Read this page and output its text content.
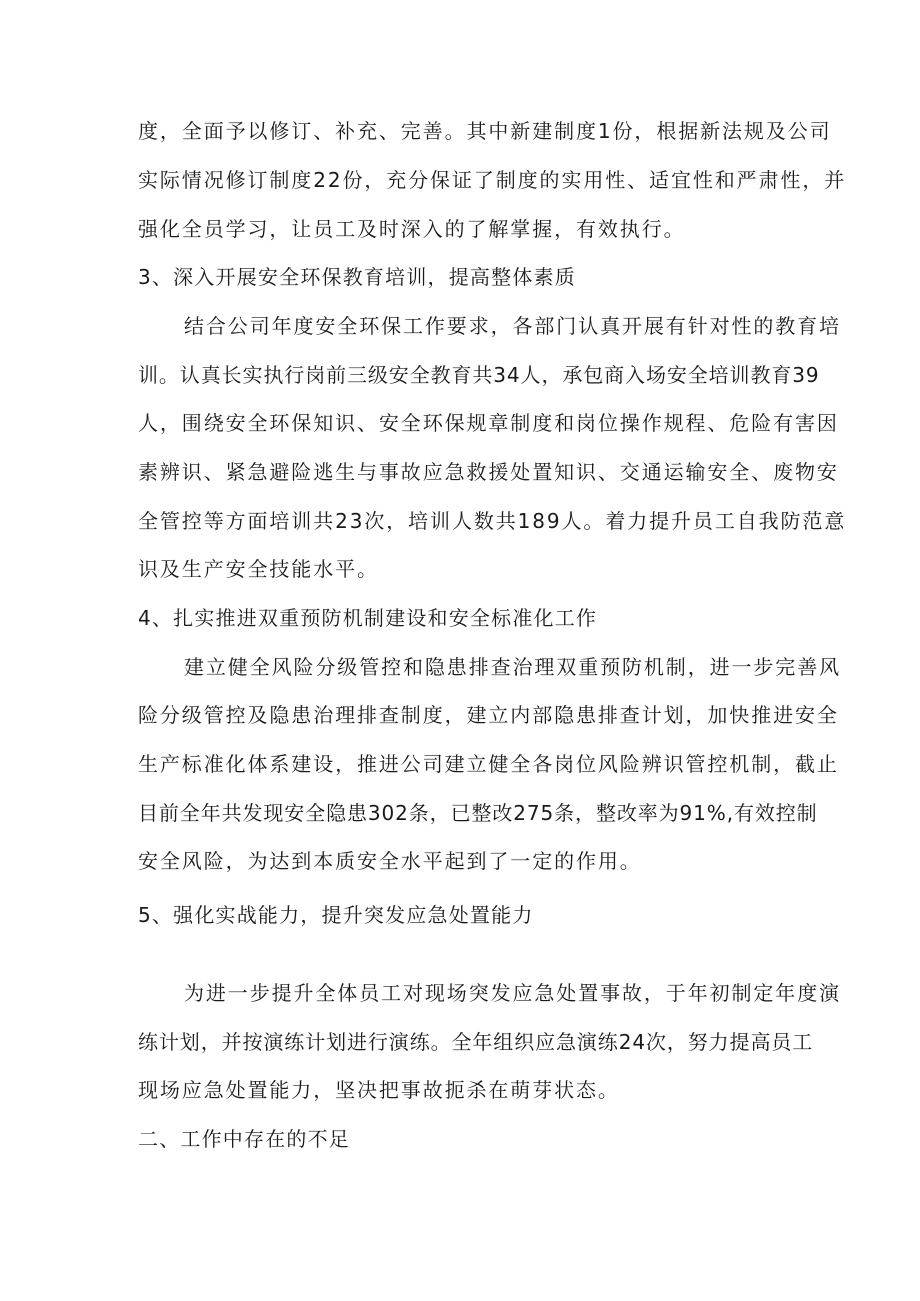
度，全面予以修订、补充、完善。其中新建制度1份，根据新法规及公司
实际情况修订制度22份，充分保证了制度的实用性、适宜性和严肃性，并
强化全员学习，让员工及时深入的了解掌握，有效执行。
3、深入开展安全环保教育培训，提高整体素质
结合公司年度安全环保工作要求，各部门认真开展有针对性的教育培
训。认真长实执行岗前三级安全教育共34人，承包商入场安全培训教育39
人，围绕安全环保知识、安全环保规章制度和岗位操作规程、危险有害因
素辨识、紧急避险逃生与事故应急救援处置知识、交通运输安全、废物安
全管控等方面培训共23次，培训人数共189人。着力提升员工自我防范意
识及生产安全技能水平。
4、扎实推进双重预防机制建设和安全标准化工作
建立健全风险分级管控和隐患排查治理双重预防机制，进一步完善风
险分级管控及隐患治理排查制度，建立内部隐患排查计划，加快推进安全
生产标准化体系建设，推进公司建立健全各岗位风险辨识管控机制，截止
目前全年共发现安全隐患302条，已整改275条，整改率为91%,有效控制
安全风险，为达到本质安全水平起到了一定的作用。
5、强化实战能力，提升突发应急处置能力
为进一步提升全体员工对现场突发应急处置事故，于年初制定年度演
练计划，并按演练计划进行演练。全年组织应急演练24次，努力提高员工
现场应急处置能力，坚决把事故扼杀在萌芽状态。
二、工作中存在的不足
